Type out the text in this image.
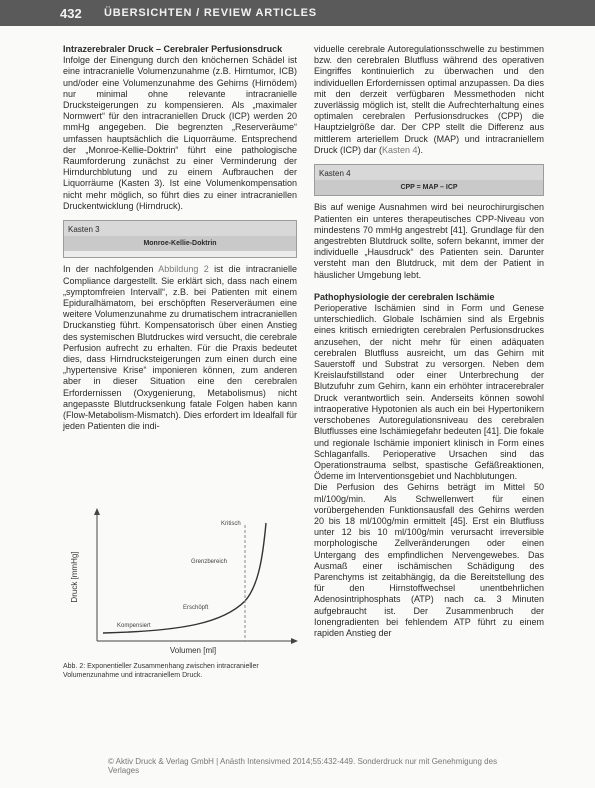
432 ÜBERSICHTEN / REVIEW ARTICLES

Intrazerebraler Druck – Cerebraler Perfusionsdruck

Infolge der Einengung durch den knöchernen Schädel ist eine intracranielle Volumenzunahme (z.B. Hirntumor, ICB) und/oder eine Volumenzunahme des Gehirns (Hirnödem) nur minimal ohne relevante intracranielle Drucksteigerungen zu kompensieren. Als „maximaler Normwert“ für den intracraniellen Druck (ICP) werden 20 mmHg angegeben. Die begrenzten „Reserveräume“ umfassen hauptsächlich die Liquorräume. Entsprechend der „Monroe-Kellie-Doktrin“ führt eine pathologische Raumforderung zunächst zu einer Verminderung der Hirndurchblutung und zu einem Aufbrauchen der Liquorräume (Kasten 3). Ist eine Volumenkompensation nicht mehr möglich, so führt dies zu einer intracraniellen Druckentwicklung (Hirndruck).

Kasten 3
Monroe-Kellie-Doktrin

In der nachfolgenden Abbildung 2 ist die intracranielle Compliance dargestellt. Sie erklärt sich, dass nach einem „symptomfreien Intervall“, z.B. bei Patienten mit einem Epiduralhämatom, bei erschöpften Reserveräumen eine weitere Volumenzunahme zu drumatischem intracraniellen Druckanstieg führt. Kompensatorisch über einen Anstieg des systemischen Blutdruckes wird versucht, die cerebrale Perfusion aufrecht zu erhalten. Für die Praxis bedeutet dies, dass Hirndrucksteigerungen zum einen durch eine „hypertensive Krise“ imponieren können, zum anderen aber in dieser Situation eine den cerebralen Erfordernissen (Oxygenierung, Metabolismus) nicht angepasste Blutdrucksenkung fatale Folgen haben kann (Flow-Metabolism-Mismatch). Dies erfordert im Idealfall für jeden Patienten die indi-

Druck [mmHg]
Volumen [ml]
Kompensiert
Erschöpft
Grenzbereich
Kritisch
Abb. 2: Exponentieller Zusammenhang zwischen intracranieller Volumenzunahme und intracraniellem Druck.

viduelle cerebrale Autoregulationsschwelle zu bestimmen bzw. den cerebralen Blutfluss während des operativen Eingriffes kontinuierlich zu überwachen und den individuellen Erfordernissen optimal anzupassen. Da dies mit den derzeit verfügbaren Messmethoden nicht zuverlässig möglich ist, stellt die Aufrechterhaltung eines optimalen cerebralen Perfusionsdruckes (CPP) die Hauptzielgröße dar. Der CPP stellt die Differenz aus mittlerem arteriellem Druck (MAP) und intracraniellem Druck (ICP) dar (Kasten 4).

Kasten 4
CPP = MAP – ICP

Bis auf wenige Ausnahmen wird bei neurochirurgischen Patienten ein unteres therapeutisches CPP-Niveau von mindestens 70 mmHg angestrebt [41]. Grundlage für den angestrebten Blutdruck sollte, sofern bekannt, immer der individuelle „Hausdruck“ des Patienten sein. Darunter versteht man den Blutdruck, mit dem der Patient in häuslicher Umgebung lebt.

Pathophysiologie der cerebralen Ischämie

Perioperative Ischämien sind in Form und Genese unterschiedlich. Globale Ischämien sind als Ergebnis eines kritisch erniedrigten cerebralen Perfusionsdruckes anzusehen, der nicht mehr für einen adäquaten cerebralen Blutfluss ausreicht, um das Gehirn mit Sauerstoff und Substrat zu versorgen. Neben dem Kreislaufstillstand oder einer Unterbrechung der Blutzufuhr zum Gehirn, kann ein erhöhter intracerebraler Druck verantwortlich sein. Anderseits können sowohl intraoperative Hypotonien als auch ein bei Hypertonikern verschobenes Autoregulationsniveau des cerebralen Blutflusses eine Ischämiegefahr bedeuten [41]. Die fokale und regionale Ischämie imponiert klinisch in Form eines Schlaganfalls. Perioperative Ursachen sind das Operationstrauma selbst, spastische Gefäßreaktionen, Ödeme im Interventionsgebiet und Nachblutungen.

Die Perfusion des Gehirns beträgt im Mittel 50 ml/100g/min. Als Schwellenwert für einen vorübergehenden Funktionsausfall des Gehirns werden 20 bis 18 ml/100g/min ermittelt [45]. Erst ein Blutfluss unter 12 bis 10 ml/100g/min verursacht irreversible morphologische Zellveränderungen oder einen Untergang des empfindlichen Nervengewebes. Das Ausmaß einer ischämischen Schädigung des Parenchyms ist zeitabhängig, da die Bereitstellung des für den Hirnstoffwechsel unentbehrlichen Adenosintriphosphats (ATP) nach ca. 3 Minuten aufgebraucht ist. Der Zusammenbruch der Ionengradienten bei fehlendem ATP führt zu einem rapiden Anstieg der

© Aktiv Druck & Verlag GmbH | Anästh Intensivmed 2014;55:432-449. Sonderdruck nur mit Genehmigung des Verlages
